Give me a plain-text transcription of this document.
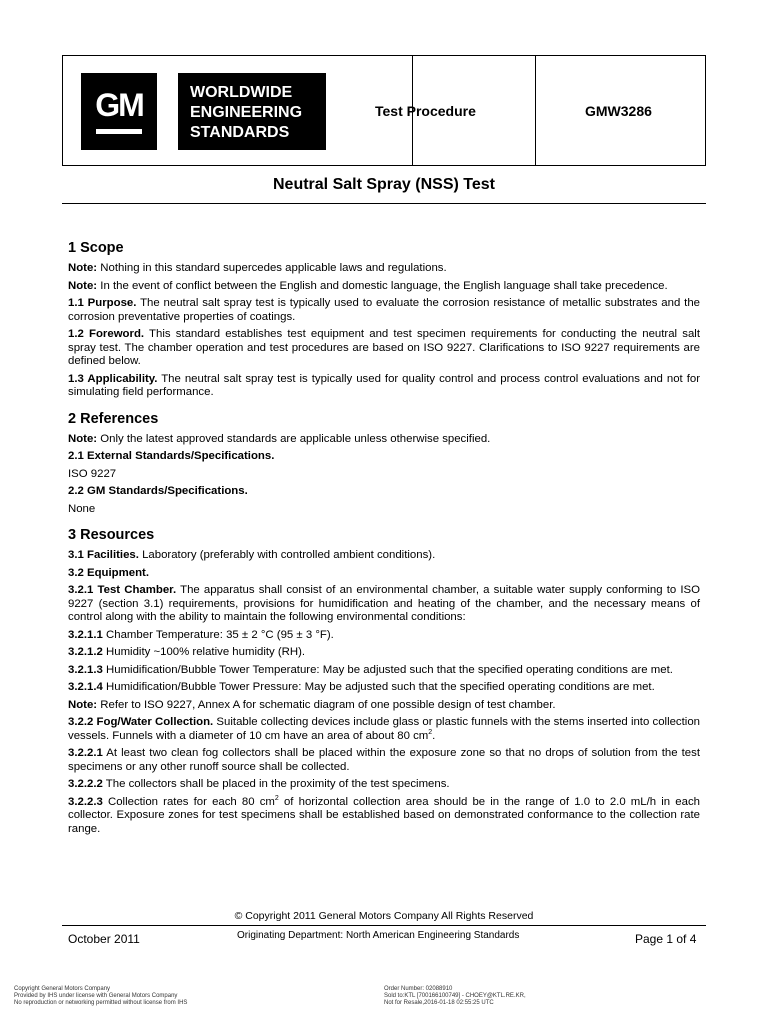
GM	WORLDWIDE
ENGINEERING
STANDARDS
Test Procedure	GMW3286
Neutral Salt Spray (NSS) Test
1 Scope

Note: Nothing in this standard supercedes applicable laws and regulations.

Note: In the event of conflict between the English and domestic language, the English language shall take precedence.

1.1 Purpose. The neutral salt spray test is typically used to evaluate the corrosion resistance of metallic substrates and the corrosion preventative properties of coatings.

1.2 Foreword. This standard establishes test equipment and test specimen requirements for conducting the neutral salt spray test. The chamber operation and test procedures are based on ISO 9227. Clarifications to ISO 9227 requirements are defined below.

1.3 Applicability. The neutral salt spray test is typically used for quality control and process control evaluations and not for simulating field performance.

2 References

Note: Only the latest approved standards are applicable unless otherwise specified.

2.1 External Standards/Specifications.

ISO 9227

2.2 GM Standards/Specifications.

None

3 Resources

3.1 Facilities. Laboratory (preferably with controlled ambient conditions).

3.2 Equipment.

3.2.1 Test Chamber. The apparatus shall consist of an environmental chamber, a suitable water supply conforming to ISO 9227 (section 3.1) requirements, provisions for humidification and heating of the chamber, and the necessary means of control along with the ability to maintain the following environmental conditions:

3.2.1.1 Chamber Temperature: 35 ± 2 °C (95 ± 3 °F).

3.2.1.2 Humidity ~100% relative humidity (RH).

3.2.1.3 Humidification/Bubble Tower Temperature: May be adjusted such that the specified operating conditions are met.

3.2.1.4 Humidification/Bubble Tower Pressure: May be adjusted such that the specified operating conditions are met.

Note: Refer to ISO 9227, Annex A for schematic diagram of one possible design of test chamber.

3.2.2 Fog/Water Collection. Suitable collecting devices include glass or plastic funnels with the stems inserted into collection vessels. Funnels with a diameter of 10 cm have an area of about 80 $cm^2$.

3.2.2.1 At least two clean fog collectors shall be placed within the exposure zone so that no drops of solution from the test specimens or any other runoff source shall be collected.

3.2.2.2 The collectors shall be placed in the proximity of the test specimens.

3.2.2.3 Collection rates for each 80 $cm^2$ of horizontal collection area should be in the range of 1.0 to 2.0 mL/h in each collector. Exposure zones for test specimens shall be established based on demonstrated conformance to the collection rate range.

© Copyright 2011 General Motors Company All Rights Reserved
October 2011	Originating Department: North American Engineering Standards	Page 1 of 4
Copyright General Motors Company
Provided by IHS under license with General Motors Company
No reproduction or networking permitted without license from IHS
Order Number: 02088910
Sold to:KTL [700166100749] - CHOEY@KTL.RE.KR,
Not for Resale,2016-01-18 02:55:25 UTC
